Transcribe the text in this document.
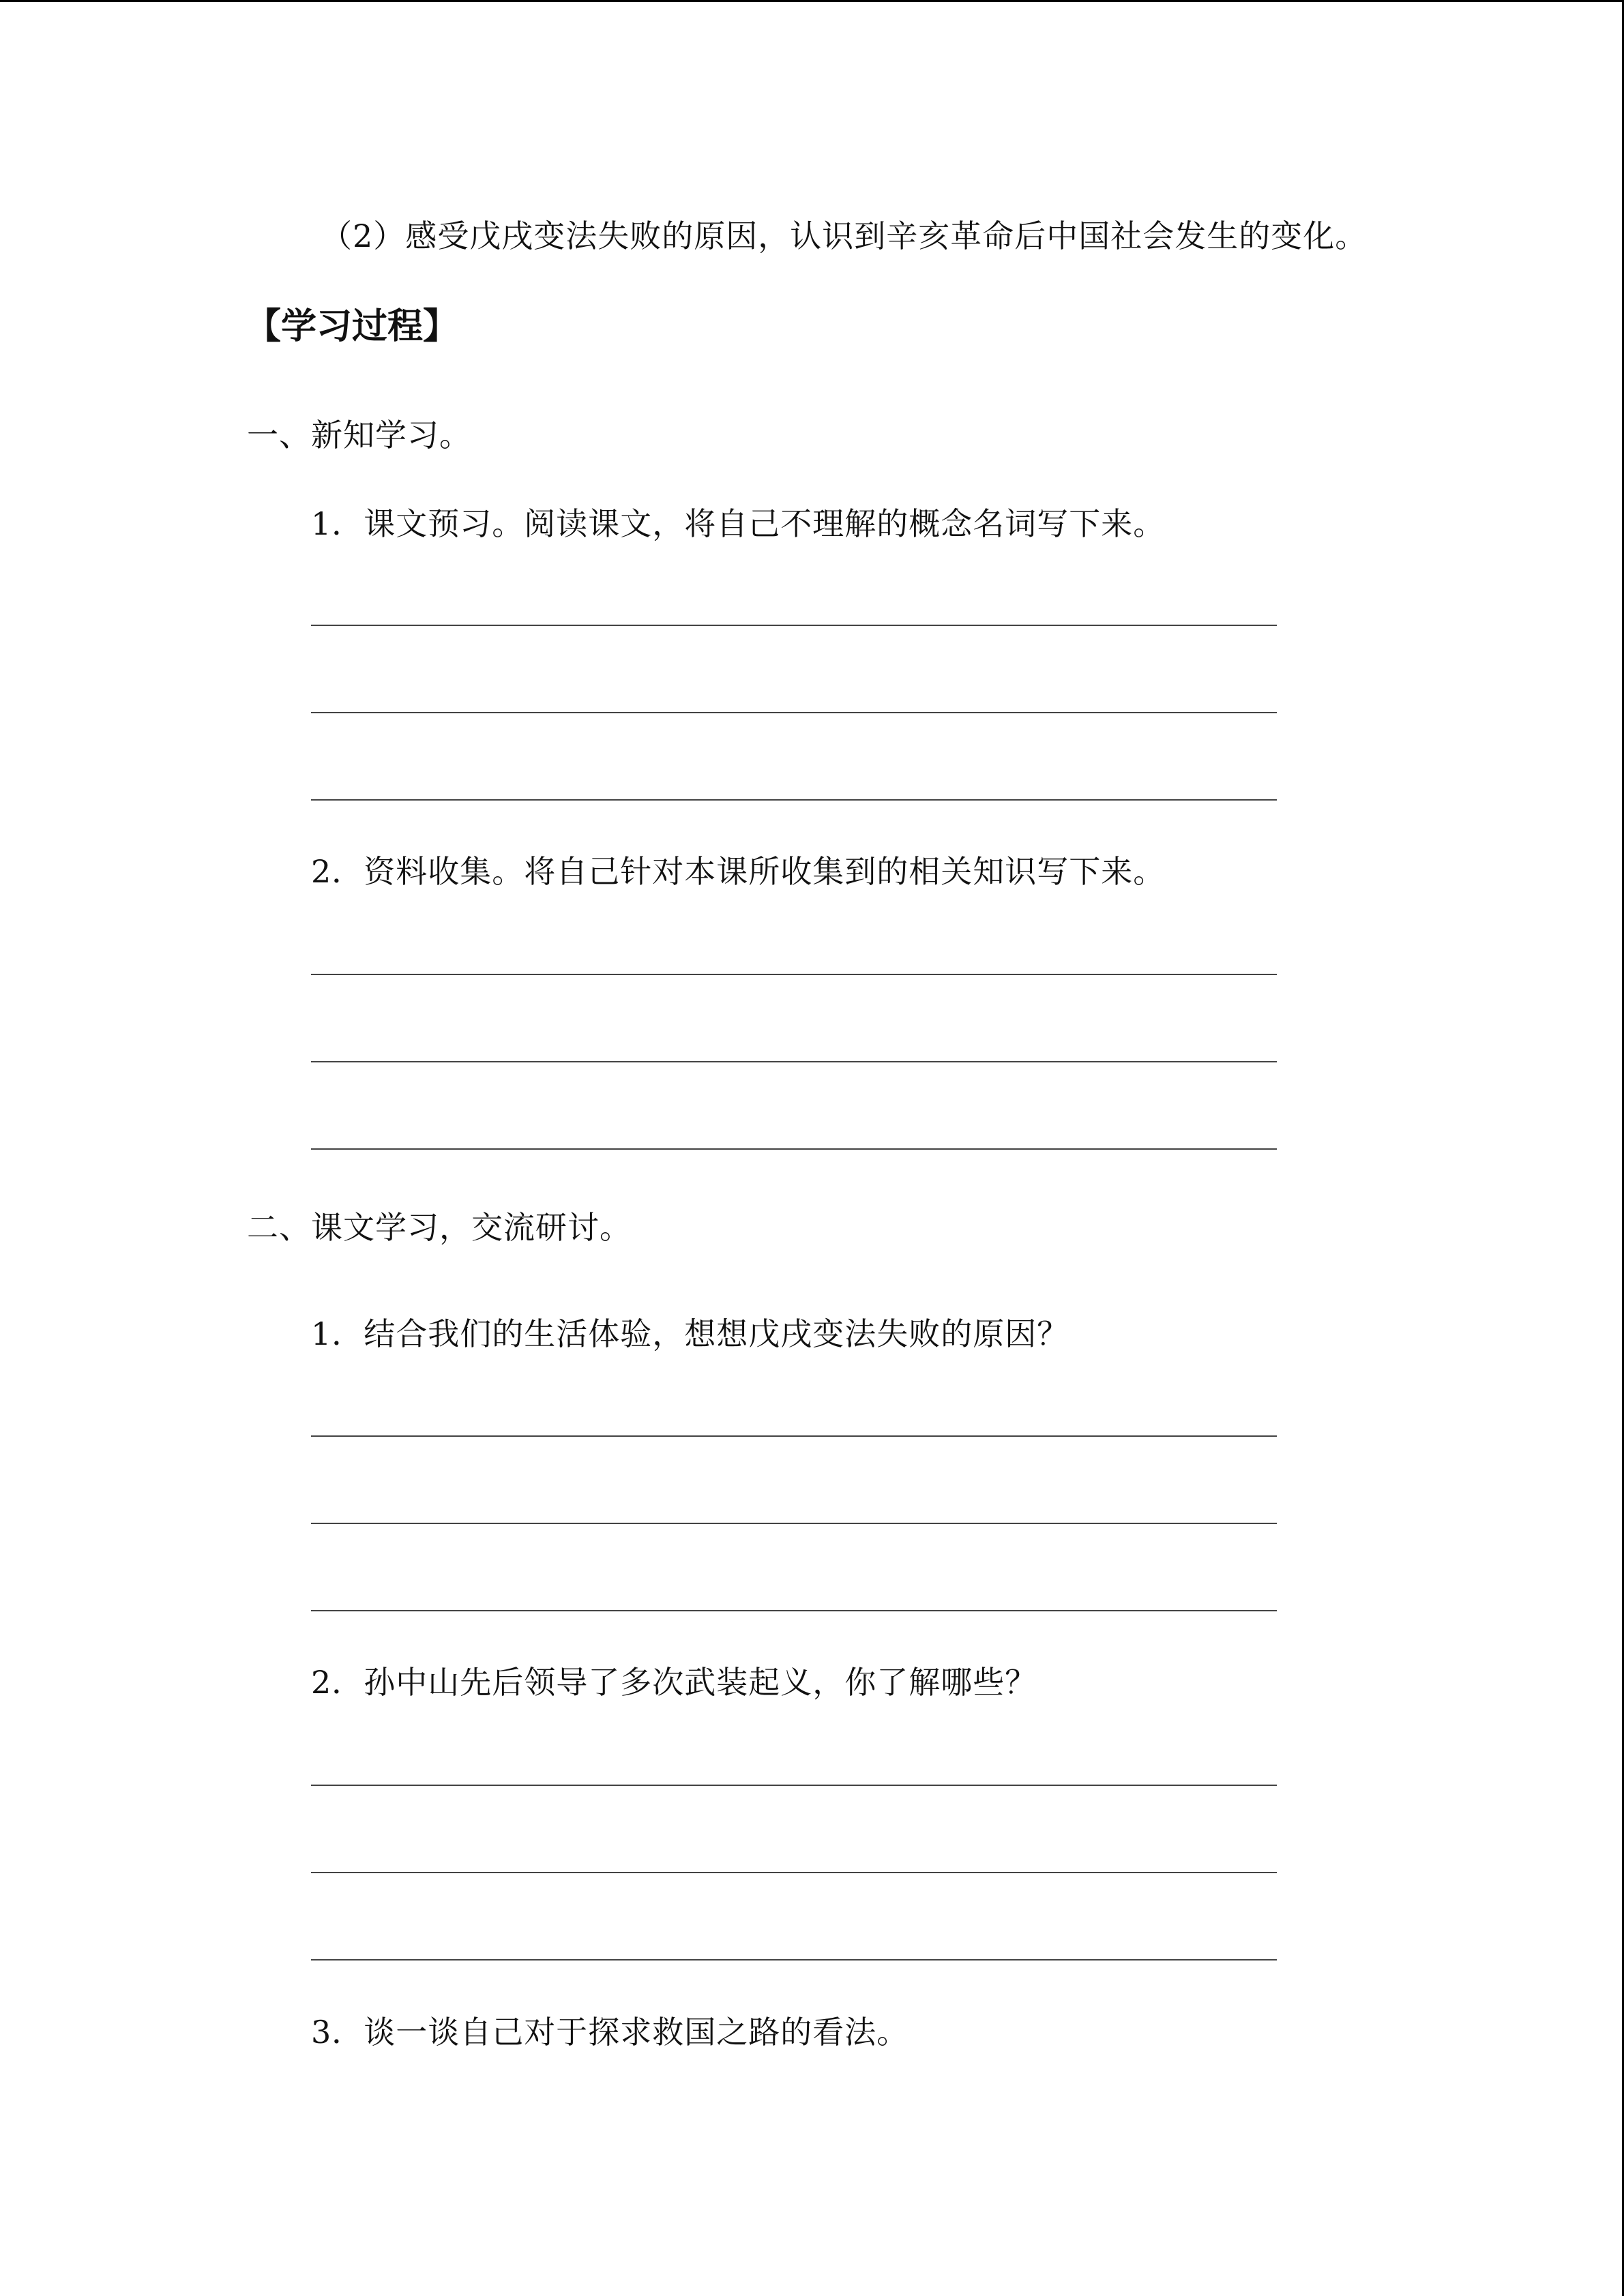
（2）感受戊戌变法失败的原因，认识到辛亥革命后中国社会发生的变化。
【学习过程】
一、新知学习。
1．课文预习。阅读课文，将自己不理解的概念名词写下来。
2．资料收集。将自己针对本课所收集到的相关知识写下来。
二、课文学习，交流研讨。
1．结合我们的生活体验，想想戊戌变法失败的原因？
2．孙中山先后领导了多次武装起义，你了解哪些？
3．谈一谈自己对于探求救国之路的看法。
